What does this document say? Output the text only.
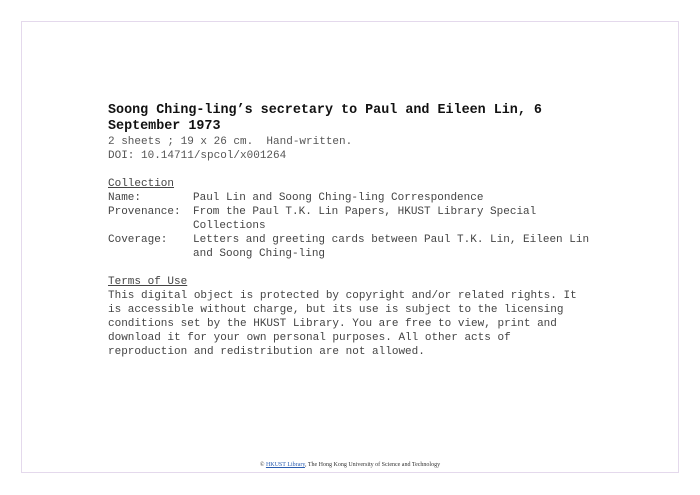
Soong Ching-ling’s secretary to Paul and Eileen Lin, 6 September 1973

2 sheets ; 19 x 26 cm.  Hand-written.

DOI: 10.14711/spcol/x001264

Collection

Name:	Paul Lin and Soong Ching-ling Correspondence
Provenance:	From the Paul T.K. Lin Papers, HKUST Library Special Collections
Coverage:	Letters and greeting cards between Paul T.K. Lin, Eileen Lin and Soong Ching-ling

Terms of Use

This digital object is protected by copyright and/or related rights. It is accessible without charge, but its use is subject to the licensing conditions set by the HKUST Library. You are free to view, print and download it for your own personal purposes. All other acts of reproduction and redistribution are not allowed.

© HKUST Library, The Hong Kong University of Science and Technology
